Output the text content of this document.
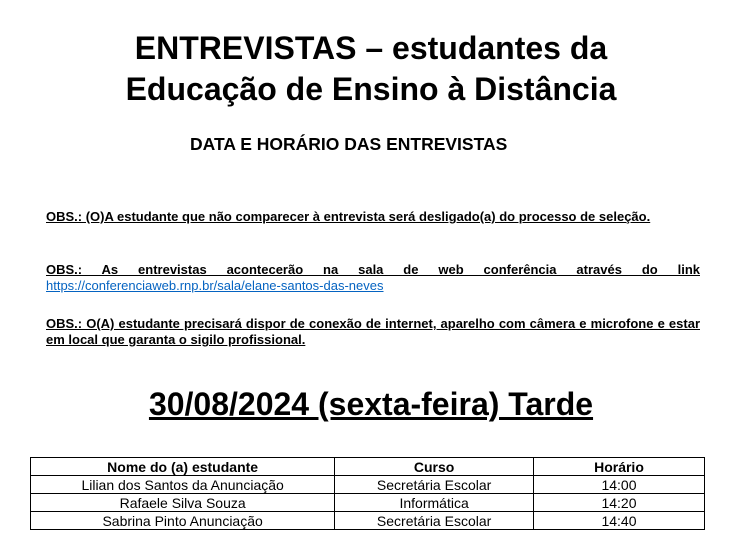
ENTREVISTAS – estudantes da
Educação de Ensino à Distância

DATA E HORÁRIO DAS ENTREVISTAS

OBS.: (O)A estudante que não comparecer à entrevista será desligado(a) do processo de seleção.

OBS.: As entrevistas acontecerão na sala de web conferência através do link https://conferenciaweb.rnp.br/sala/elane-santos-das-neves

OBS.: O(A) estudante precisará dispor de conexão de internet, aparelho com câmera e microfone e estar em local que garanta o sigilo profissional.

30/08/2024 (sexta-feira) Tarde
Nome do (a) estudante	Curso	Horário
Lilian dos Santos da Anunciação	Secretária Escolar	14:00
Rafaele Silva Souza	Informática	14:20
Sabrina Pinto Anunciação	Secretária Escolar	14:40
